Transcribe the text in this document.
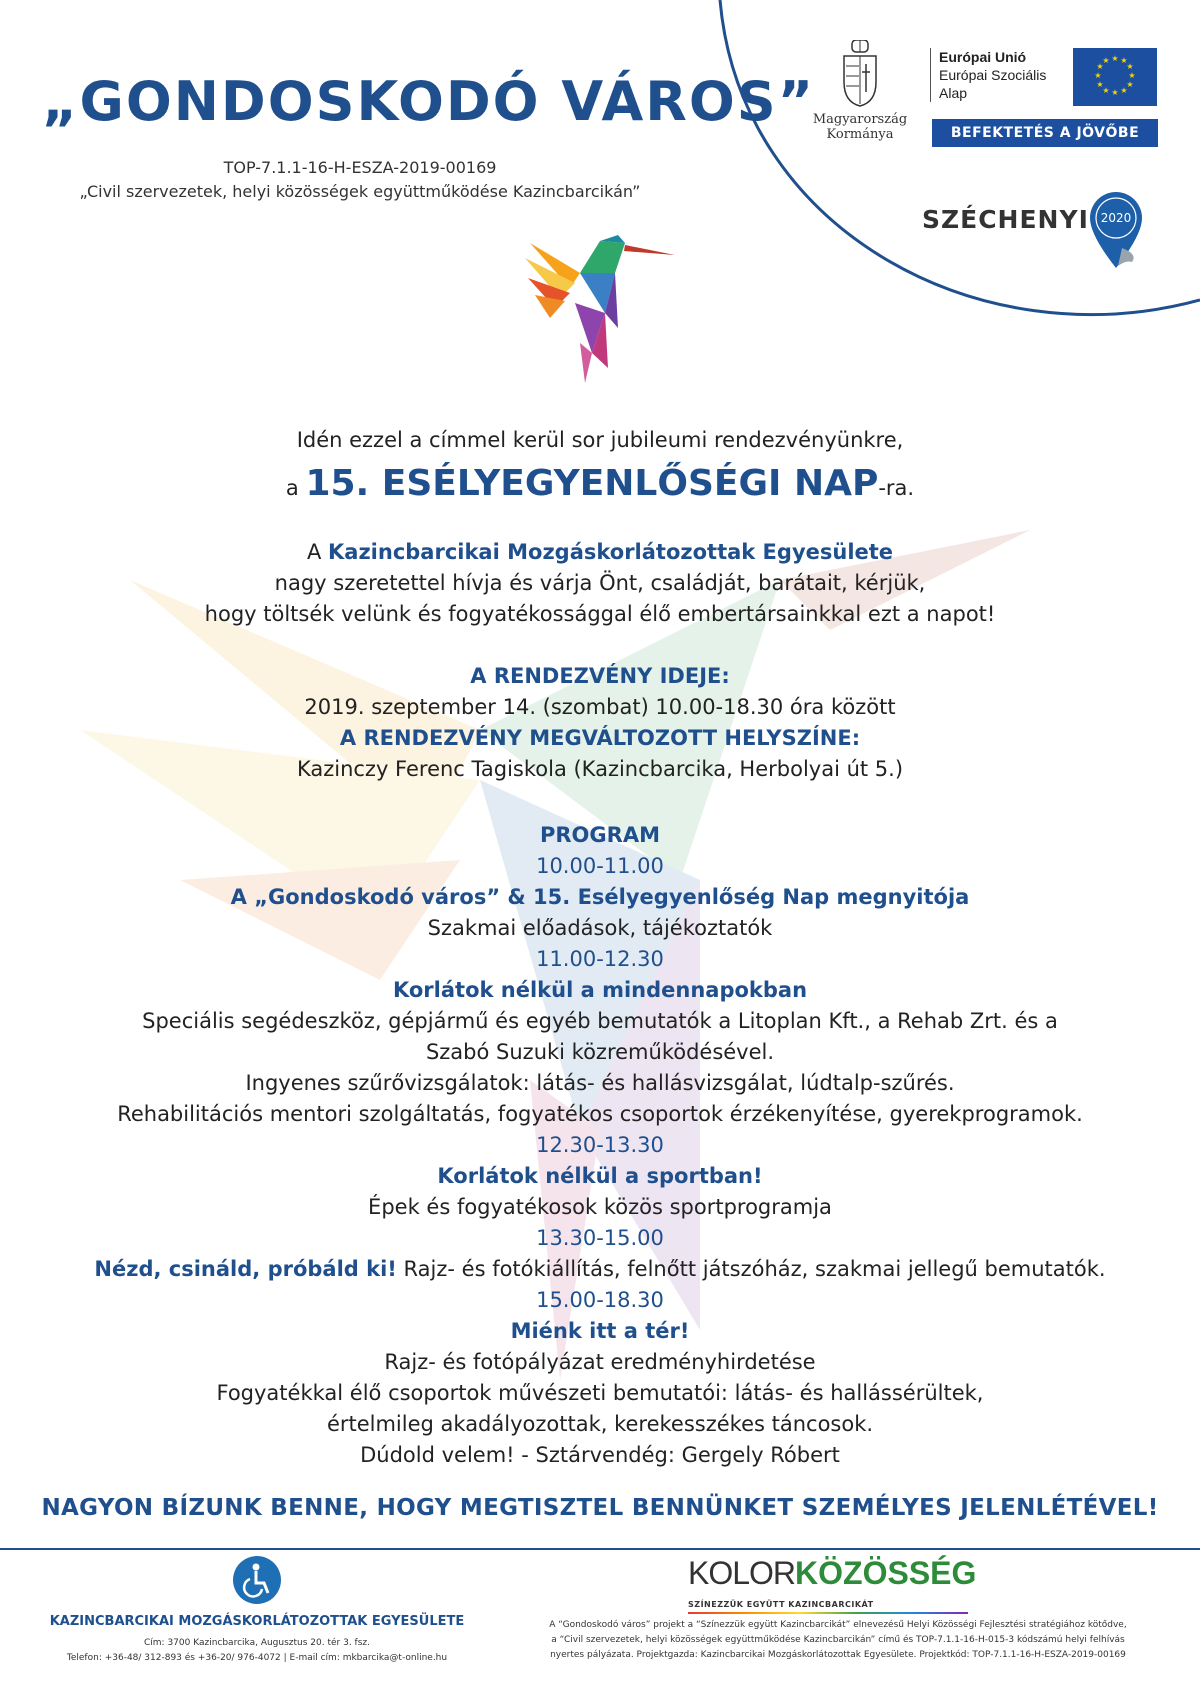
„GONDOSKODÓ VÁROS”
TOP-7.1.1-16-H-ESZA-2019-00169
„Civil szervezetek, helyi közösségek együttműködése Kazincbarcikán”
Magyarország
Kormánya
Európai Unió
Európai Szociális
Alap
★ ★
★
★
★
★
★
★
★
★
★
★
BEFEKTETÉS A JÖVŐBE
SZÉCHENYI 2020
Idén ezzel a címmel kerül sor jubileumi rendezvényünkre,
a 15. ESÉLYEGYENLŐSÉGI NAP-ra.
A Kazincbarcikai Mozgáskorlátozottak Egyesülete
nagy szeretettel hívja és várja Önt, családját, barátait, kérjük,
hogy töltsék velünk és fogyatékossággal élő embertársainkkal ezt a napot!
A RENDEZVÉNY IDEJE:
2019. szeptember 14. (szombat) 10.00-18.30 óra között
A RENDEZVÉNY MEGVÁLTOZOTT HELYSZÍNE:
Kazinczy Ferenc Tagiskola (Kazincbarcika, Herbolyai út 5.)
PROGRAM
10.00-11.00
A „Gondoskodó város” & 15. Esélyegyenlőség Nap megnyitója
Szakmai előadások, tájékoztatók
11.00-12.30
Korlátok nélkül a mindennapokban
Speciális segédeszköz, gépjármű és egyéb bemutatók a Litoplan Kft., a Rehab Zrt. és a
Szabó Suzuki közreműködésével.
Ingyenes szűrővizsgálatok: látás- és hallásvizsgálat, lúdtalp-szűrés.
Rehabilitációs mentori szolgáltatás, fogyatékos csoportok érzékenyítése, gyerekprogramok.
12.30-13.30
Korlátok nélkül a sportban!
Épek és fogyatékosok közös sportprogramja
13.30-15.00
Nézd, csináld, próbáld ki! Rajz- és fotókiállítás, felnőtt játszóház, szakmai jellegű bemutatók.
15.00-18.30
Miénk itt a tér!
Rajz- és fotópályázat eredményhirdetése
Fogyatékkal élő csoportok művészeti bemutatói: látás- és hallássérültek,
értelmileg akadályozottak, kerekesszékes táncosok.
Dúdold velem! - Sztárvendég: Gergely Róbert
NAGYON BÍZUNK BENNE, HOGY MEGTISZTEL BENNÜNKET SZEMÉLYES JELENLÉTÉVEL!
KAZINCBARCIKAI MOZGÁSKORLÁTOZOTTAK EGYESÜLETE
Cím: 3700 Kazincbarcika, Augusztus 20. tér 3. fsz.
Telefon: +36-48/ 312-893 és +36-20/ 976-4072 | E-mail cím: mkbarcika@t-online.hu
KOLORKÖZÖSSÉG
SZÍNEZZÜK EGYÜTT KAZINCBARCIKÁT
A “Gondoskodó város” projekt a “Színezzük együtt Kazincbarcikát” elnevezésű Helyi Közösségi Fejlesztési stratégiához kötődve,
a “Civil szervezetek, helyi közösségek együttműködése Kazincbarcikán” című és TOP-7.1.1-16-H-015-3 kódszámú helyi felhívás
nyertes pályázata. Projektgazda: Kazincbarcikai Mozgáskorlátozottak Egyesülete. Projektkód: TOP-7.1.1-16-H-ESZA-2019-00169
